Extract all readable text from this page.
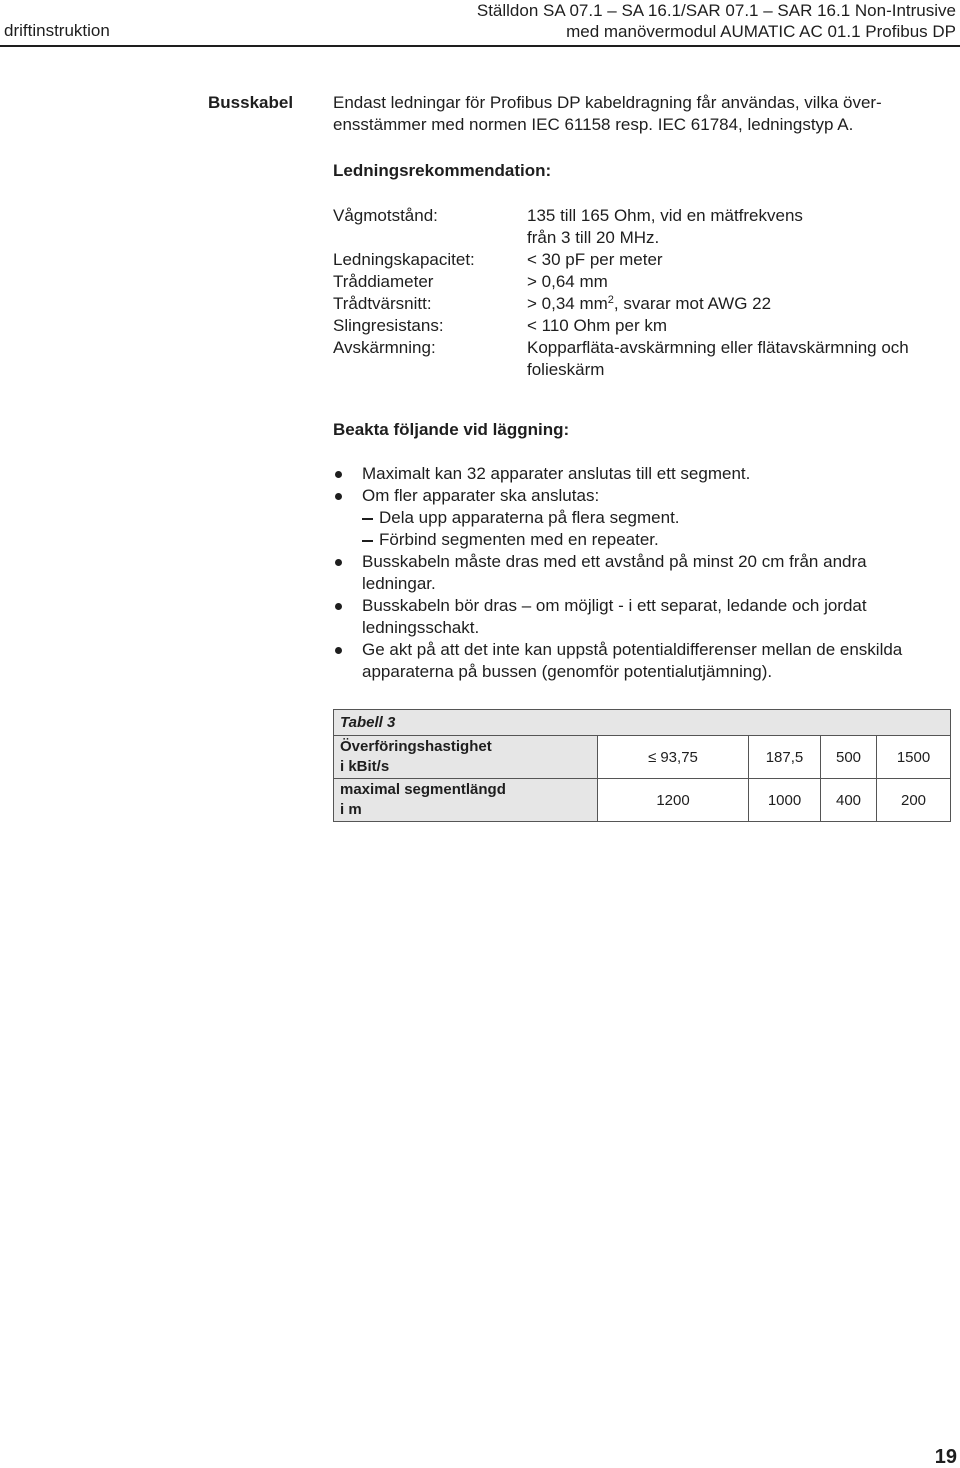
driftinstruktion
Ställdon SA 07.1 – SA 16.1/SAR 07.1 – SAR 16.1 Non-Intrusive
med manövermodul AUMATIC AC 01.1 Profibus DP
Busskabel Endast ledningar för Profibus DP kabeldragning får användas, vilka över-

ensstämmer med normen IEC 61158 resp. IEC 61784, ledningstyp A.

Ledningsrekommendation:
Vågmotstånd:	135 till 165 Ohm, vid en mätfrekvens
från 3 till 20 MHz.
Ledningskapacitet:	< 30 pF per meter
Tråddiameter	> 0,64 mm
Trådtvärsnitt:	> 0,34 $mm^2$, svarar mot AWG 22
Slingresistans:	< 110 Ohm per km
Avskärmning:	Kopparfläta-avskärmning eller flätavskärmning och
folieskärm
Beakta följande vid läggning:
Maximalt kan 32 apparater anslutas till ett segment.
Om fler apparater ska anslutas:
Dela upp apparaterna på flera segment.
Förbind segmenten med en repeater.
Busskabeln måste dras med ett avstånd på minst 20 cm från andra
ledningar.
Busskabeln bör dras – om möjligt - i ett separat, ledande och jordat
ledningsschakt.
Ge akt på att det inte kan uppstå potentialdifferenser mellan de enskilda
apparaterna på bussen (genomför potentialutjämning).
Tabell 3				

Överföringshastighet
i kBit/s	≤ 93,75	187,5	500	1500

maximal segmentlängd
i m	1200	1000	400	200
19
